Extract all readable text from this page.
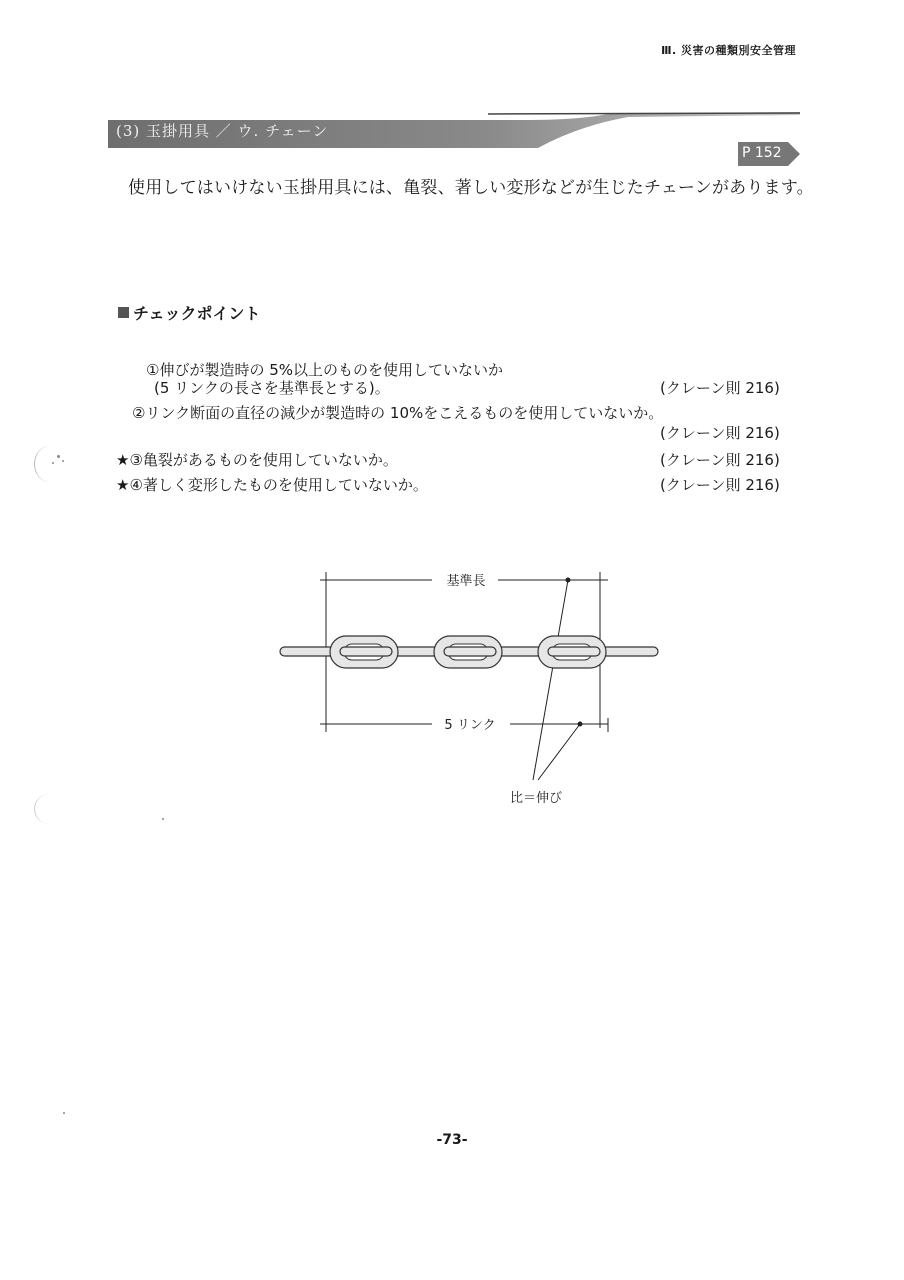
Ⅲ. 災害の種類別安全管理
(3) 玉掛用具 ／ ウ. チェーン
P 152
使用してはいけない玉掛用具には、亀裂、著しい変形などが生じたチェーンがあります。
チェックポイント
①伸びが製造時の 5%以上のものを使用していないか
(5 リンクの長さを基準長とする)。	(クレーン則 216)
②リンク断面の直径の減少が製造時の 10%をこえるものを使用していないか。
(クレーン則 216)
★③亀裂があるものを使用していないか。	(クレーン則 216)
★④著しく変形したものを使用していないか。	(クレーン則 216)
基準長
5 リンク
比＝伸び
-73-
